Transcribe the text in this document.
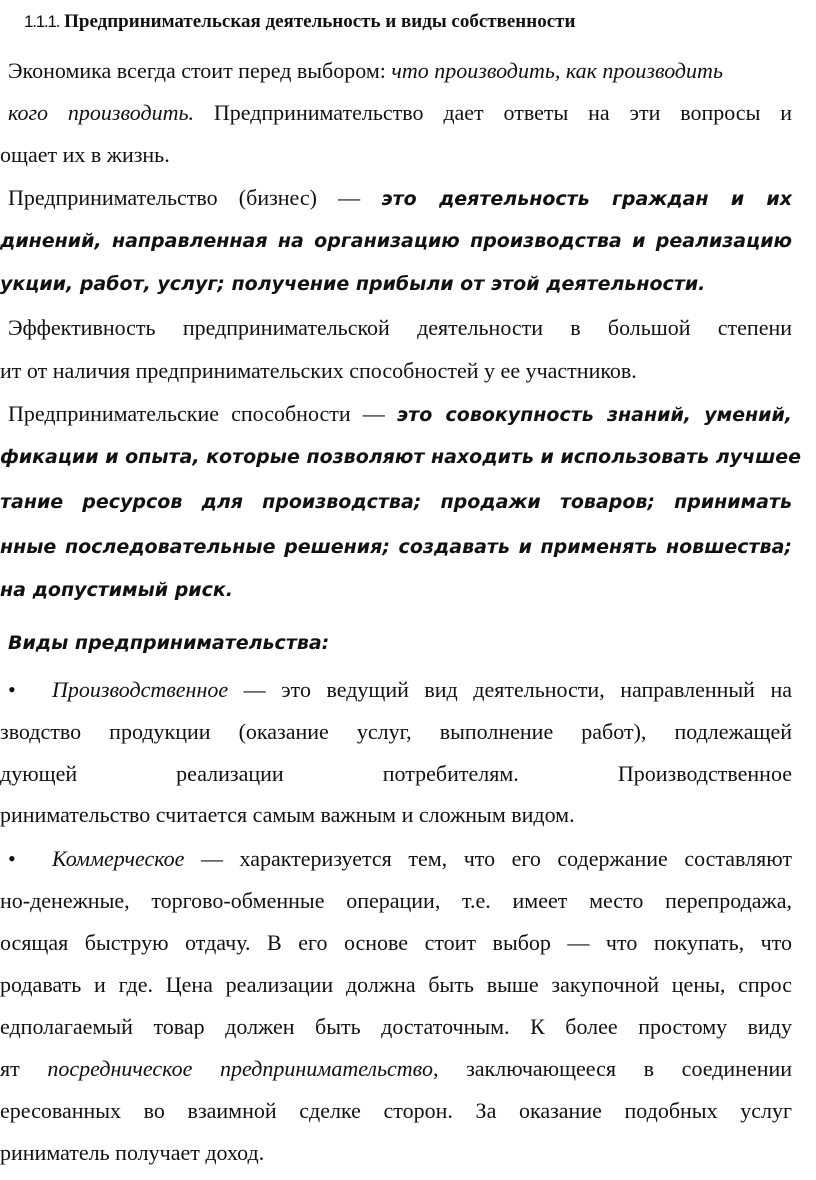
1.1.1. Предпринимательская деятельность и виды собственности
Экономика всегда стоит перед выбором: что производить, как производить
кого производить. Предпринимательство дает ответы на эти вопросы и
ощает их в жизнь.
Предпринимательство (бизнес) — это деятельность граждан и их
динений, направленная на организацию производства и реализацию
укции, работ, услуг; получение прибыли от этой деятельности.
Эффективность предпринимательской деятельности в большой степени
ит от наличия предпринимательских способностей у ее участников.
Предпринимательские способности — это совокупность знаний, умений,
фикации и опыта, которые позволяют находить и использовать лучшее
тание ресурсов для производства; продажи товаров; принимать
нные последовательные решения; создавать и применять новшества;
на допустимый риск.
Виды предпринимательства:
• Производственное — это ведущий вид деятельности, направленный на
зводство продукции (оказание услуг, выполнение работ), подлежащей
дующей реализации потребителям. Производственное
ринимательство считается самым важным и сложным видом.
• Коммерческое — характеризуется тем, что его содержание составляют
но-денежные, торгово-обменные операции, т.е. имеет место перепродажа,
осящая быструю отдачу. В его основе стоит выбор — что покупать, что
родавать и где. Цена реализации должна быть выше закупочной цены, спрос
едполагаемый товар должен быть достаточным. К более простому виду
ят посредническое предпринимательство, заключающееся в соединении
ересованных во взаимной сделке сторон. За оказание подобных услуг
риниматель получает доход.
